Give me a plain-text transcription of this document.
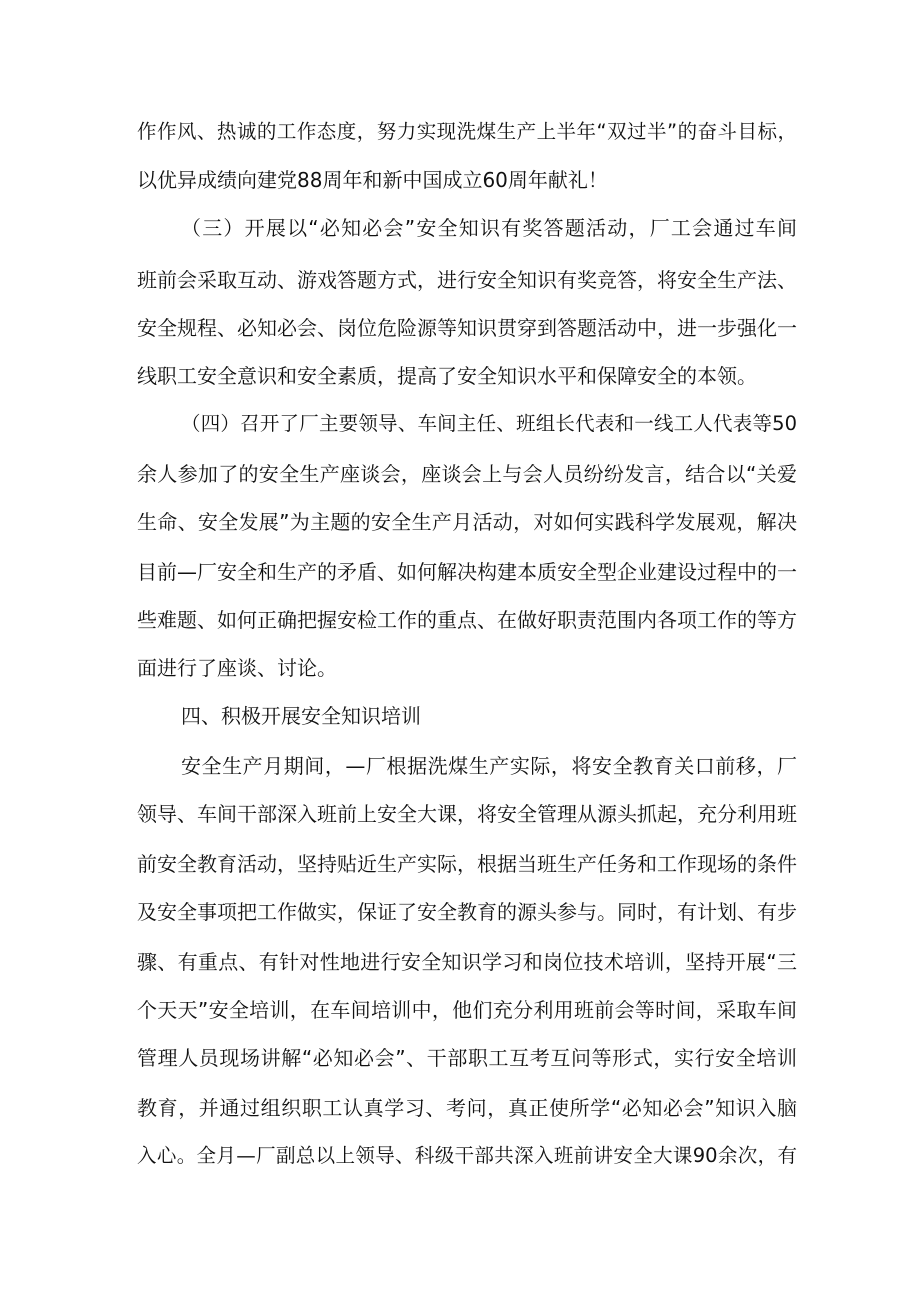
作作风、热诚的工作态度，努力实现洗煤生产上半年“双过半”的奋斗目标，
以优异成绩向建党88周年和新中国成立60周年献礼！
（三）开展以“必知必会”安全知识有奖答题活动，厂工会通过车间
班前会采取互动、游戏答题方式，进行安全知识有奖竞答，将安全生产法、
安全规程、必知必会、岗位危险源等知识贯穿到答题活动中，进一步强化一
线职工安全意识和安全素质，提高了安全知识水平和保障安全的本领。
（四）召开了厂主要领导、车间主任、班组长代表和一线工人代表等50
余人参加了的安全生产座谈会，座谈会上与会人员纷纷发言，结合以“关爱
生命、安全发展”为主题的安全生产月活动，对如何实践科学发展观，解决
目前—厂安全和生产的矛盾、如何解决构建本质安全型企业建设过程中的一
些难题、如何正确把握安检工作的重点、在做好职责范围内各项工作的等方
面进行了座谈、讨论。
四、积极开展安全知识培训
安全生产月期间，—厂根据洗煤生产实际，将安全教育关口前移，厂
领导、车间干部深入班前上安全大课，将安全管理从源头抓起，充分利用班
前安全教育活动，坚持贴近生产实际，根据当班生产任务和工作现场的条件
及安全事项把工作做实，保证了安全教育的源头参与。同时，有计划、有步
骤、有重点、有针对性地进行安全知识学习和岗位技术培训，坚持开展“三
个天天”安全培训，在车间培训中，他们充分利用班前会等时间，采取车间
管理人员现场讲解“必知必会”、干部职工互考互问等形式，实行安全培训
教育，并通过组织职工认真学习、考问，真正使所学“必知必会”知识入脑
入心。全月—厂副总以上领导、科级干部共深入班前讲安全大课90余次，有
